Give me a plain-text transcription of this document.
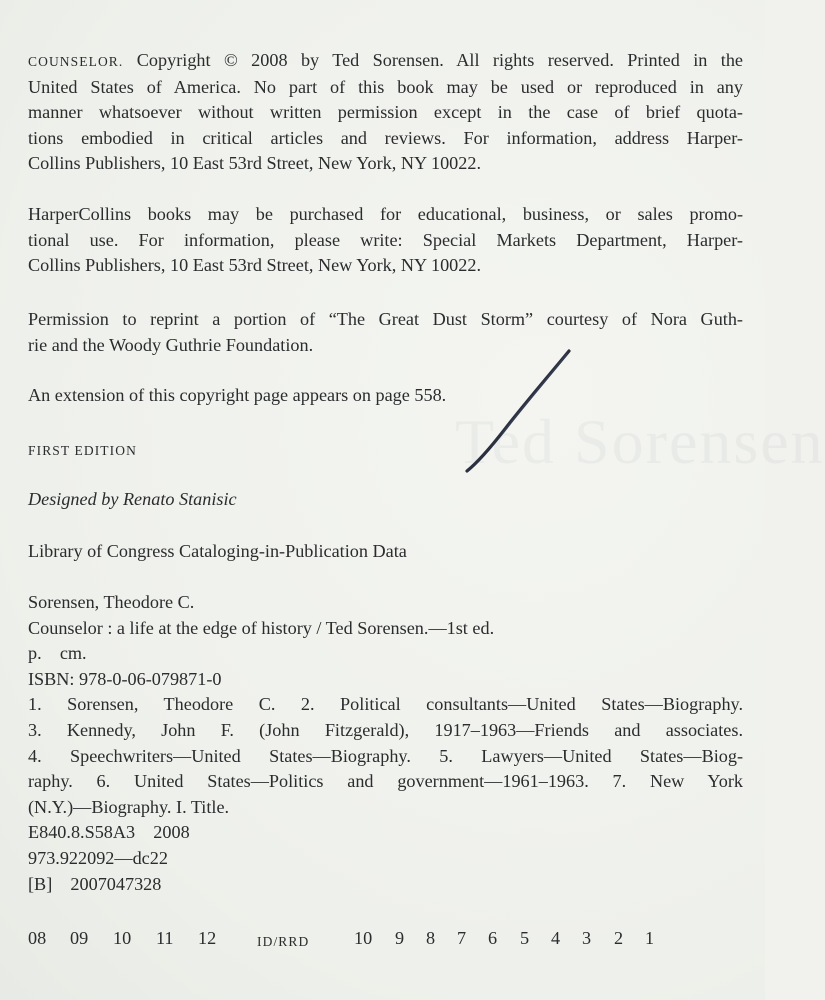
Ted Sorensen
COUNSELOR. Copyright © 2008 by Ted Sorensen. All rights reserved. Printed in the
United States of America. No part of this book may be used or reproduced in any
manner whatsoever without written permission except in the case of brief quota-
tions embodied in critical articles and reviews. For information, address Harper-
Collins Publishers, 10 East 53rd Street, New York, NY 10022.
HarperCollins books may be purchased for educational, business, or sales promo-
tional use. For information, please write: Special Markets Department, Harper-
Collins Publishers, 10 East 53rd Street, New York, NY 10022.
Permission to reprint a portion of “The Great Dust Storm” courtesy of Nora Guth-
rie and the Woody Guthrie Foundation.
An extension of this copyright page appears on page 558.
FIRST EDITION
Designed by Renato Stanisic
Library of Congress Cataloging-in-Publication Data
Sorensen, Theodore C.
Counselor : a life at the edge of history / Ted Sorensen.—1st ed.
p.    cm.
ISBN: 978-0-06-079871-0
1. Sorensen, Theodore C. 2. Political consultants—United States—Biography.
3. Kennedy, John F. (John Fitzgerald), 1917–1963—Friends and associates.
4. Speechwriters—United States—Biography. 5. Lawyers—United States—Biog-
raphy. 6. United States—Politics and government—1961–1963. 7. New York
(N.Y.)—Biography. I. Title.
E840.8.S58A3    2008
973.922092—dc22
[B]    2007047328
08 09 10 11 12	ID/RRD 10 9 8 7 6 5 4 3 2 1
